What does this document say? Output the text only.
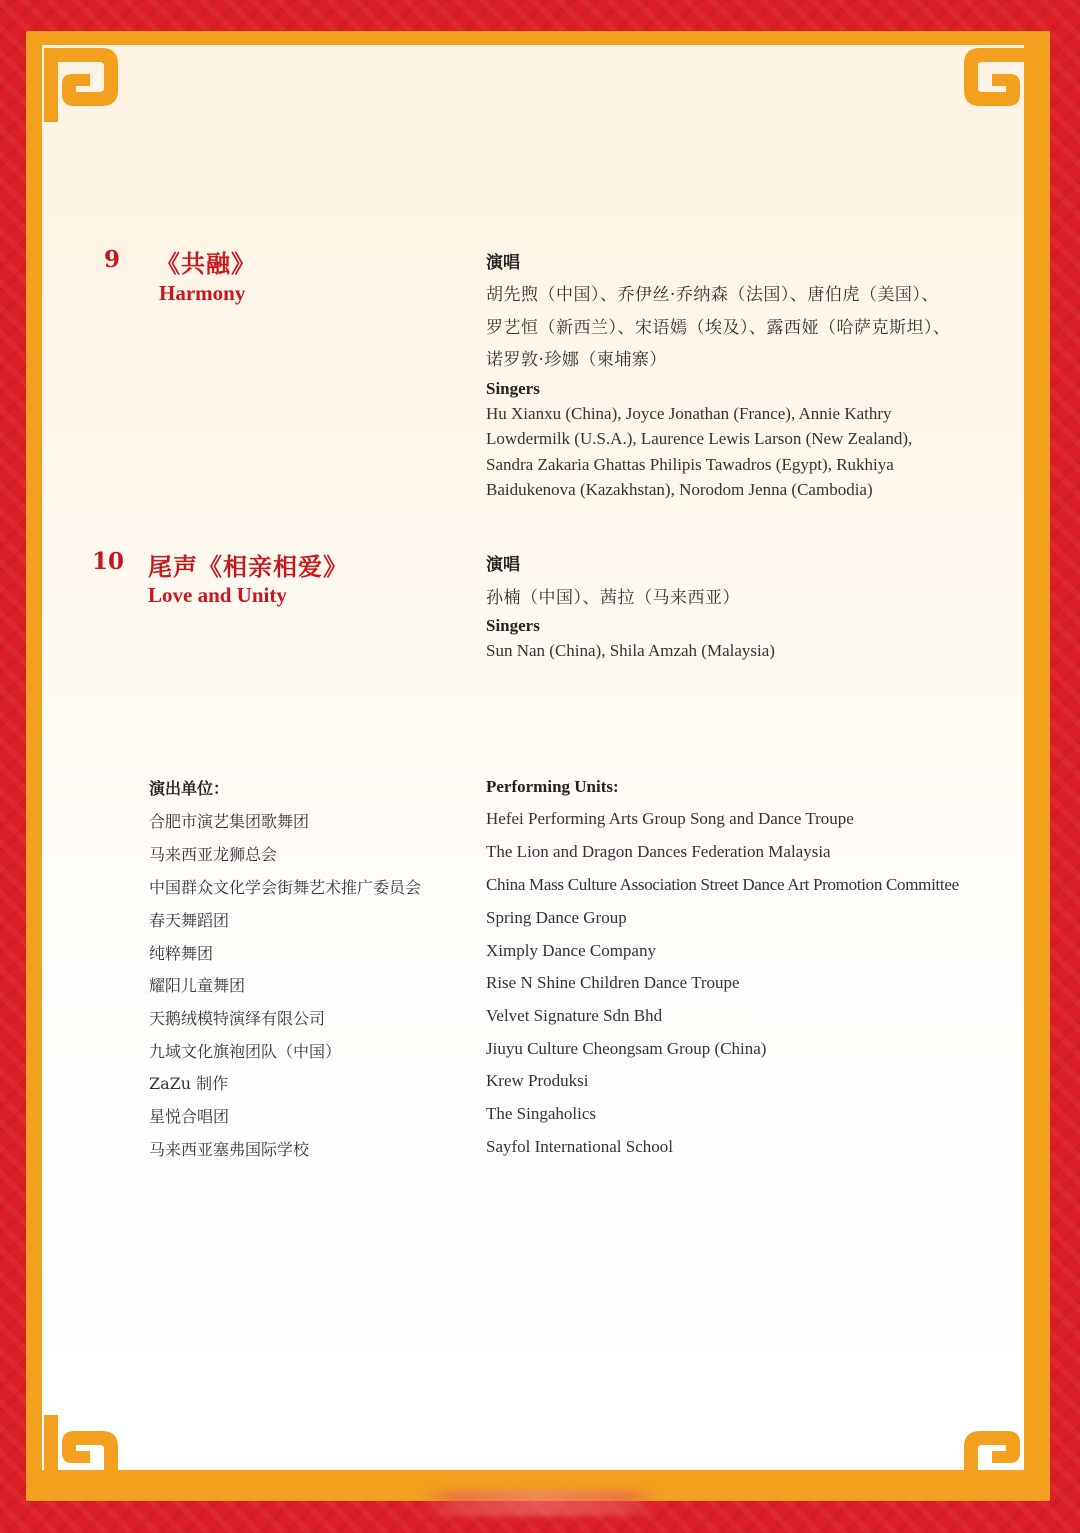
9 《共融》
Harmony
演唱
胡先煦（中国）、乔伊丝·乔纳森（法国）、唐伯虎（美国）、
罗艺恒（新西兰）、宋语嫣（埃及）、露西娅（哈萨克斯坦）、
诺罗敦·珍娜（柬埔寨）
Singers
Hu Xianxu (China), Joyce Jonathan (France), Annie Kathry
Lowdermilk (U.S.A.), Laurence Lewis Larson (New Zealand),
Sandra Zakaria Ghattas Philipis Tawadros (Egypt), Rukhiya
Baidukenova (Kazakhstan), Norodom Jenna (Cambodia)
10 尾声《相亲相爱》
Love and Unity
演唱
孙楠（中国）、茜拉（马来西亚）
Singers
Sun Nan (China), Shila Amzah (Malaysia)
演出单位：	Performing Units:
合肥市演艺集团歌舞团	Hefei Performing Arts Group Song and Dance Troupe
马来西亚龙狮总会	The Lion and Dragon Dances Federation Malaysia
中国群众文化学会街舞艺术推广委员会	China Mass Culture Association Street Dance Art Promotion Committee
春天舞蹈团	Spring Dance Group
纯粹舞团	Ximply Dance Company
耀阳儿童舞团	Rise N Shine Children Dance Troupe
天鹅绒模特演绎有限公司	Velvet Signature Sdn Bhd
九域文化旗袍团队（中国）	Jiuyu Culture Cheongsam Group (China)
ZaZu 制作	Krew Produksi
星悦合唱团	The Singaholics
马来西亚塞弗国际学校	Sayfol International School
